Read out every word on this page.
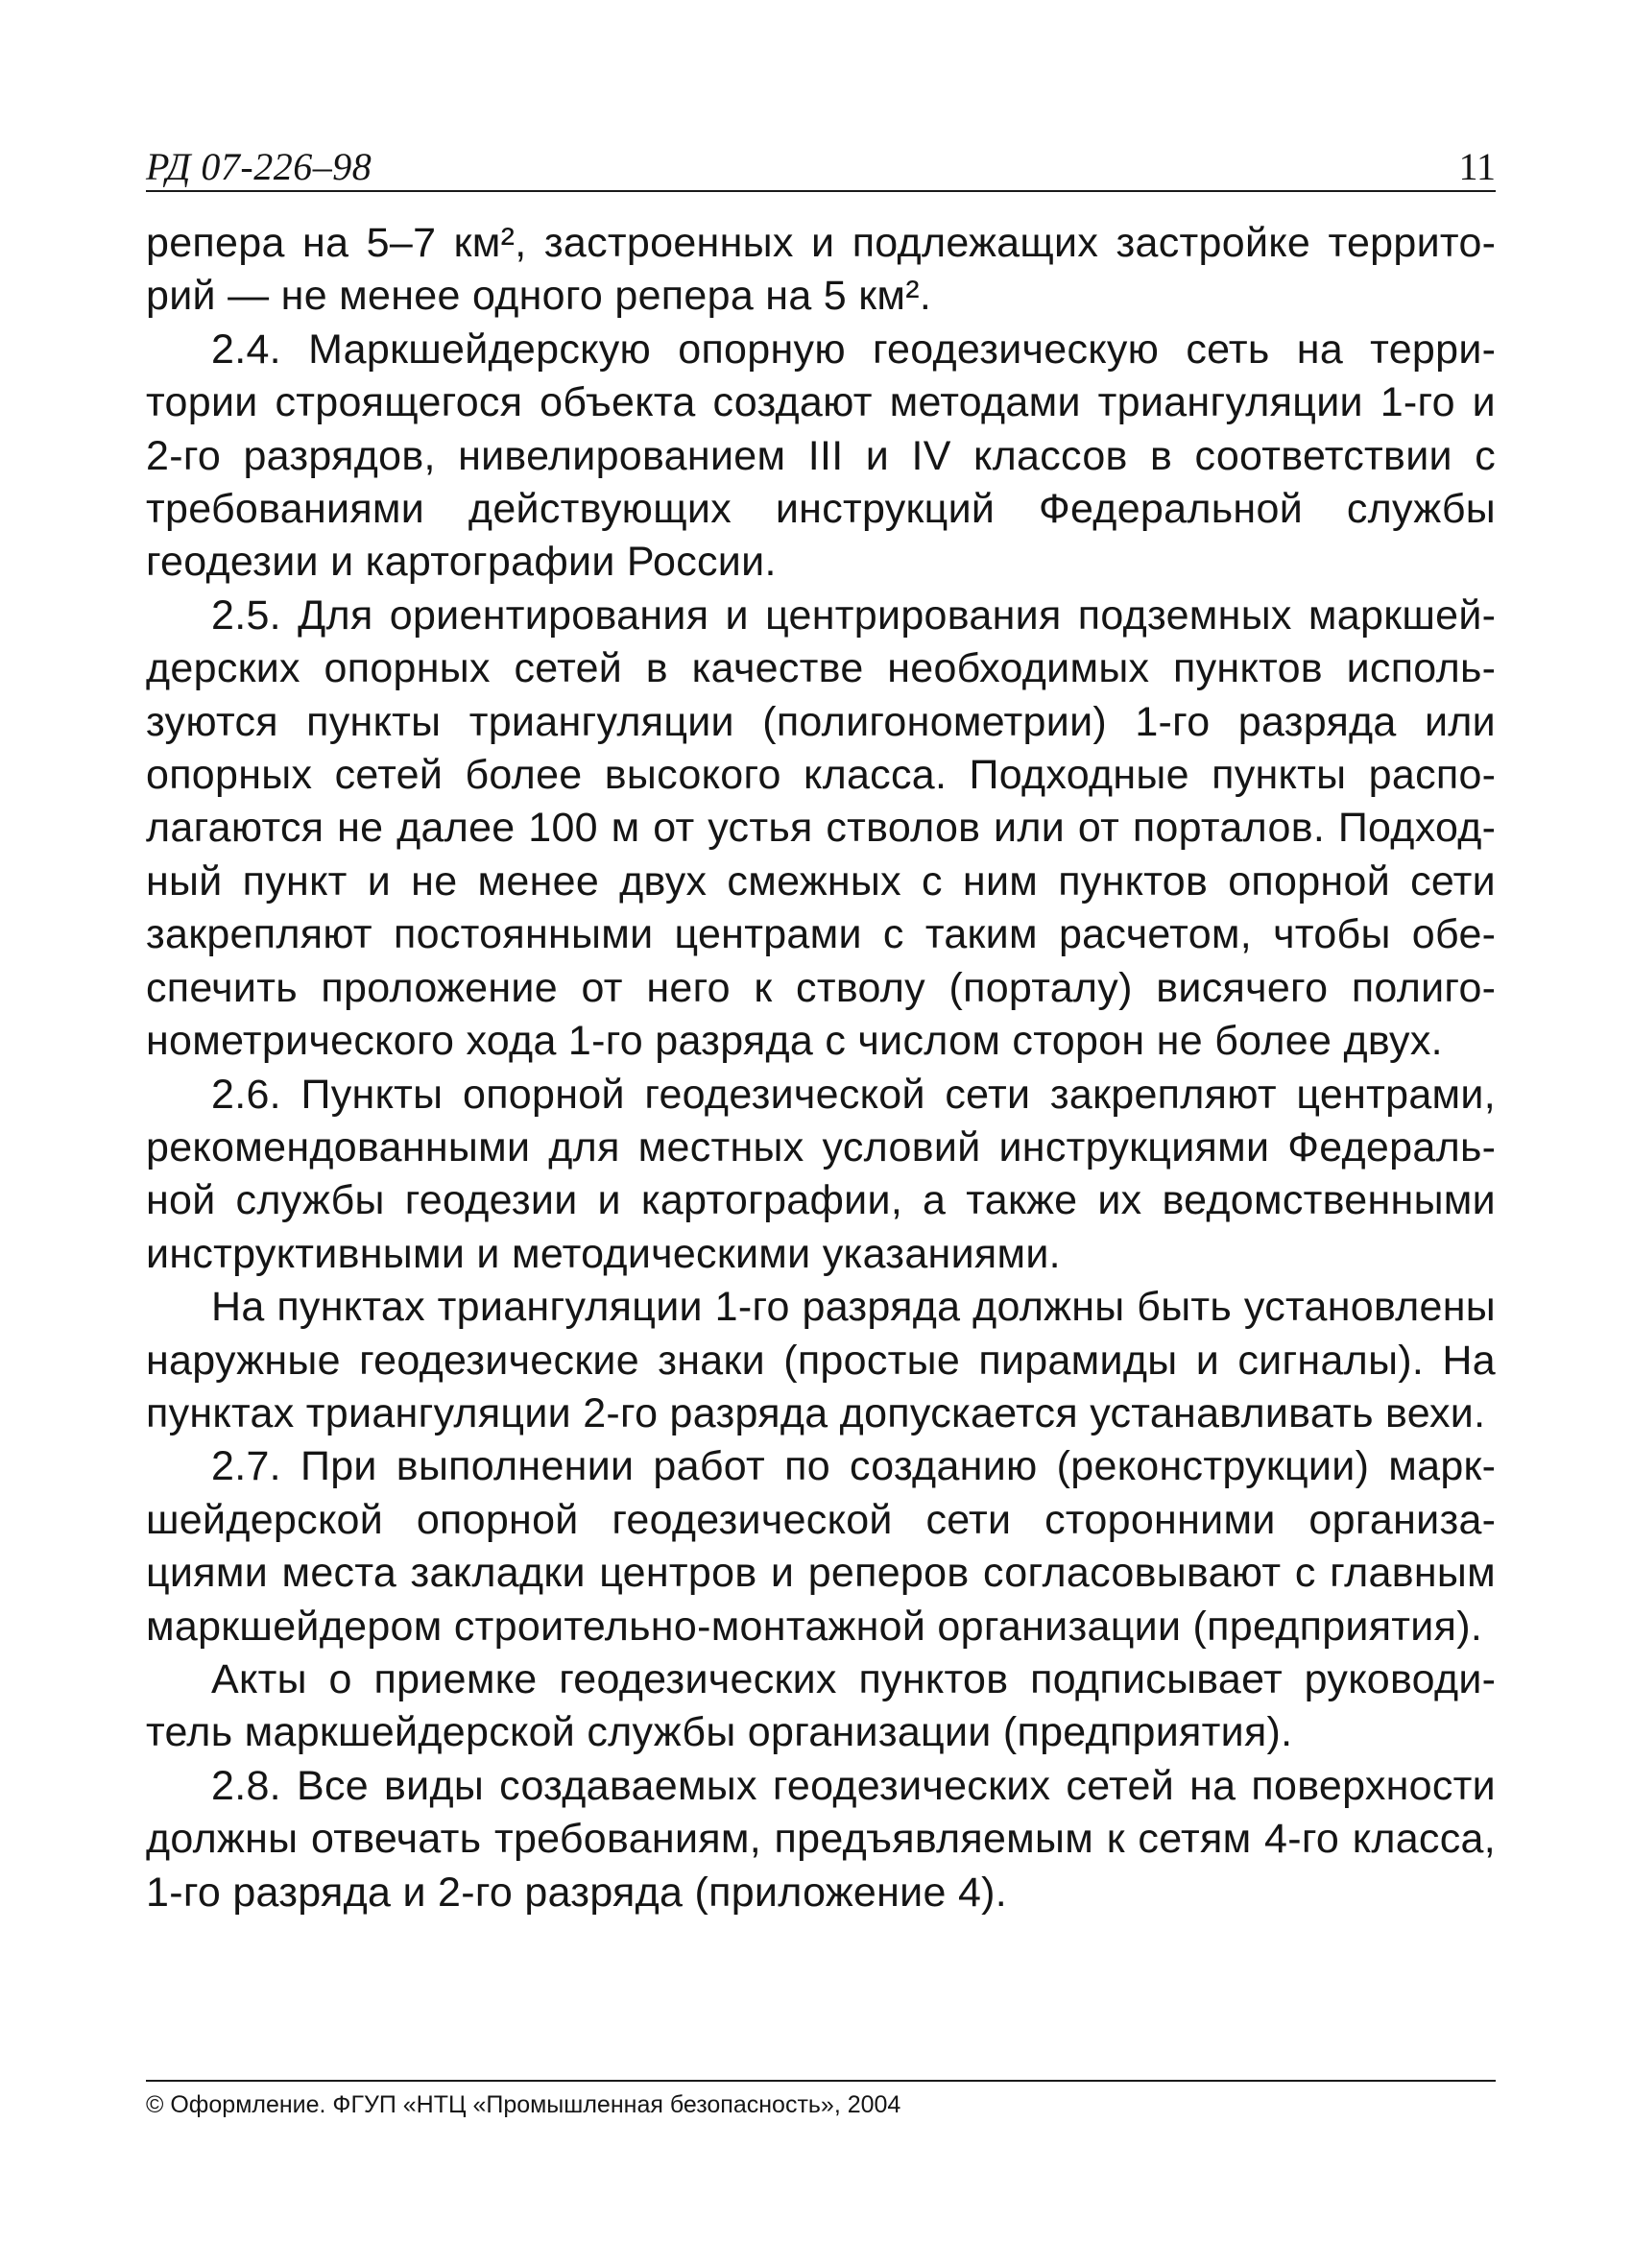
РД 07-226–98	11

репера на 5–7 км², застроенных и подлежащих застройке территорий — не менее одного репера на 5 км².

2.4. Маркшейдерскую опорную геодезическую сеть на территории строящегося объекта создают методами триангуляции 1-го и 2-го разрядов, нивелированием III и IV классов в соответствии с требованиями действующих инструкций Федеральной службы геодезии и картографии России.

2.5. Для ориентирования и центрирования подземных маркшейдерских опорных сетей в качестве необходимых пунктов используются пункты триангуляции (полигонометрии) 1-го разряда или опорных сетей более высокого класса. Подходные пункты располагаются не далее 100 м от устья стволов или от порталов. Подходный пункт и не менее двух смежных с ним пунктов опорной сети закрепляют постоянными центрами с таким расчетом, чтобы обеспечить проложение от него к стволу (порталу) висячего полигонометрического хода 1-го разряда с числом сторон не более двух.

2.6. Пункты опорной геодезической сети закрепляют центрами, рекомендованными для местных условий инструкциями Федеральной службы геодезии и картографии, а также их ведомственными инструктивными и методическими указаниями.

На пунктах триангуляции 1-го разряда должны быть установлены наружные геодезические знаки (простые пирамиды и сигналы). На пунктах триангуляции 2-го разряда допускается устанавливать вехи.

2.7. При выполнении работ по созданию (реконструкции) маркшейдерской опорной геодезической сети сторонними организациями места закладки центров и реперов согласовывают с главным маркшейдером строительно-монтажной организации (предприятия).

Акты о приемке геодезических пунктов подписывает руководитель маркшейдерской службы организации (предприятия).

2.8. Все виды создаваемых геодезических сетей на поверхности должны отвечать требованиям, предъявляемым к сетям 4-го класса, 1-го разряда и 2-го разряда (приложение 4).

© Оформление. ФГУП «НТЦ «Промышленная безопасность», 2004
